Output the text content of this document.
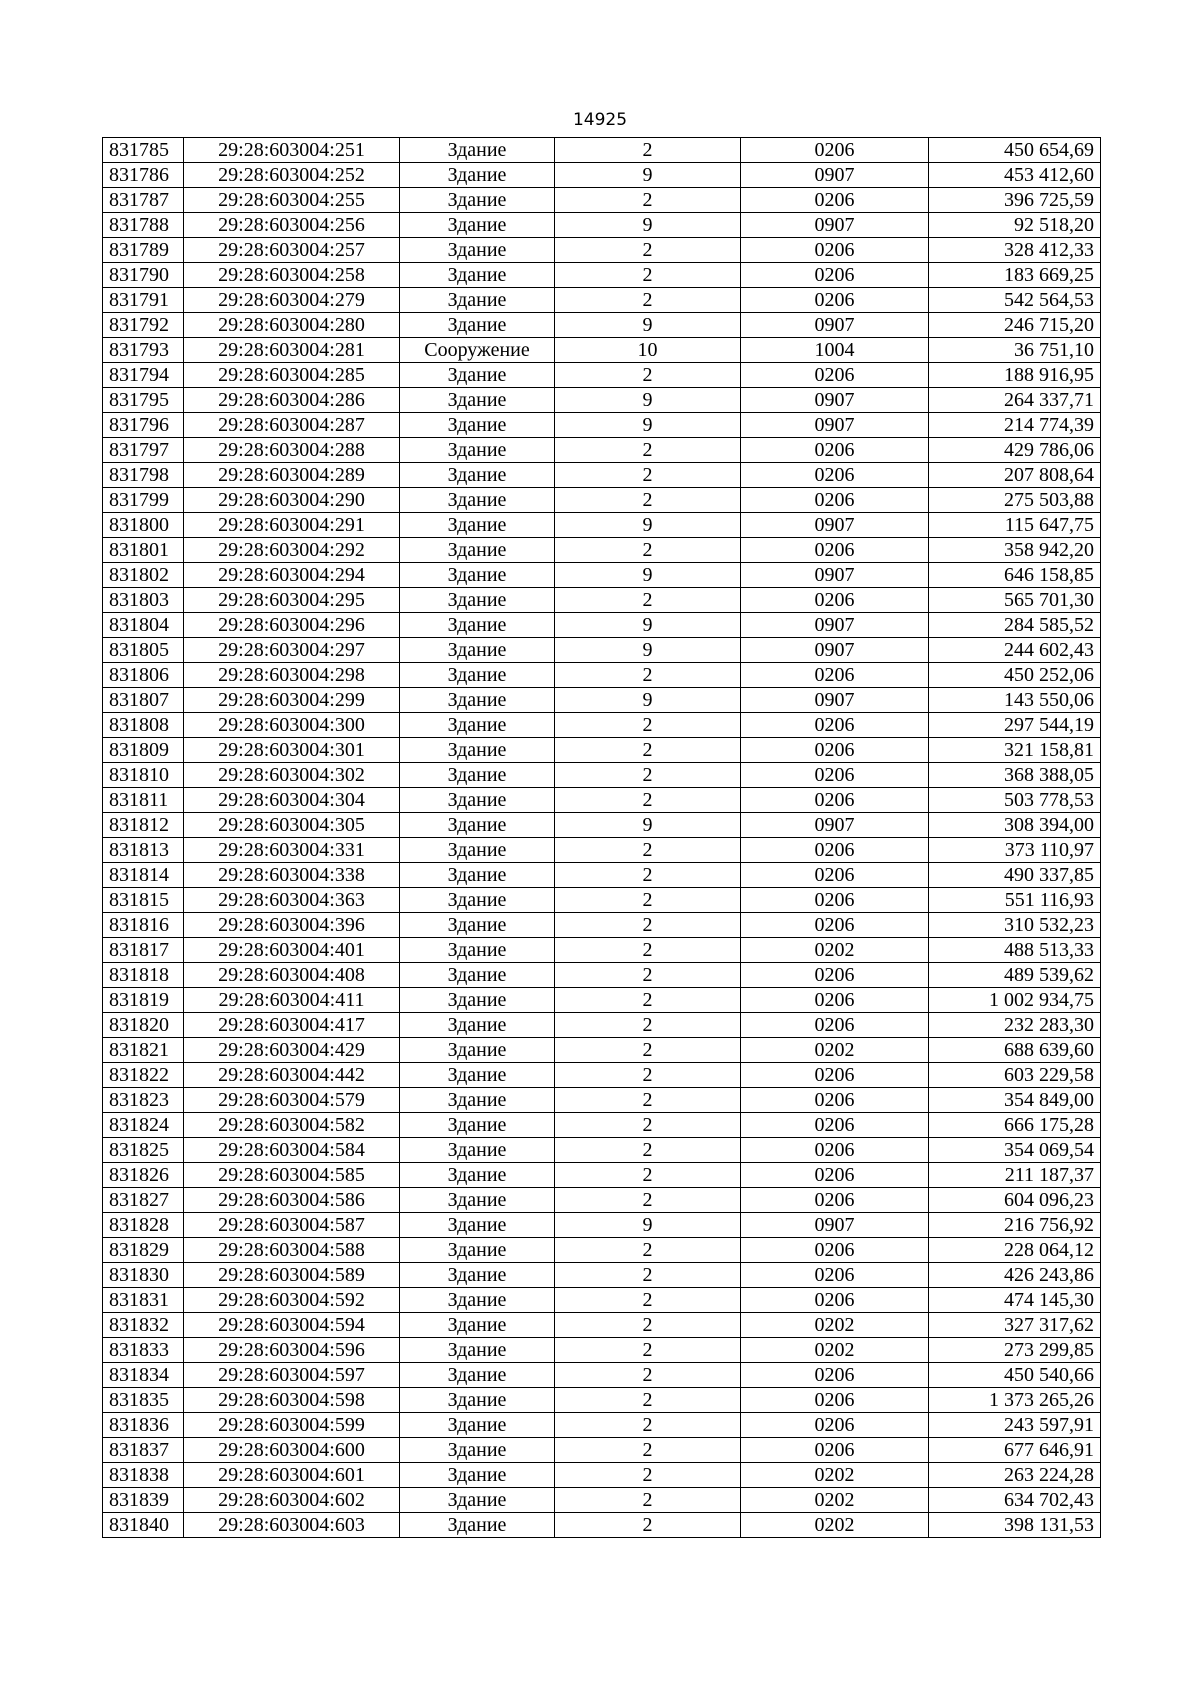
14925
831785	29:28:603004:251	Здание	2	0206	450 654,69
831786	29:28:603004:252	Здание	9	0907	453 412,60
831787	29:28:603004:255	Здание	2	0206	396 725,59
831788	29:28:603004:256	Здание	9	0907	92 518,20
831789	29:28:603004:257	Здание	2	0206	328 412,33
831790	29:28:603004:258	Здание	2	0206	183 669,25
831791	29:28:603004:279	Здание	2	0206	542 564,53
831792	29:28:603004:280	Здание	9	0907	246 715,20
831793	29:28:603004:281	Сооружение	10	1004	36 751,10
831794	29:28:603004:285	Здание	2	0206	188 916,95
831795	29:28:603004:286	Здание	9	0907	264 337,71
831796	29:28:603004:287	Здание	9	0907	214 774,39
831797	29:28:603004:288	Здание	2	0206	429 786,06
831798	29:28:603004:289	Здание	2	0206	207 808,64
831799	29:28:603004:290	Здание	2	0206	275 503,88
831800	29:28:603004:291	Здание	9	0907	115 647,75
831801	29:28:603004:292	Здание	2	0206	358 942,20
831802	29:28:603004:294	Здание	9	0907	646 158,85
831803	29:28:603004:295	Здание	2	0206	565 701,30
831804	29:28:603004:296	Здание	9	0907	284 585,52
831805	29:28:603004:297	Здание	9	0907	244 602,43
831806	29:28:603004:298	Здание	2	0206	450 252,06
831807	29:28:603004:299	Здание	9	0907	143 550,06
831808	29:28:603004:300	Здание	2	0206	297 544,19
831809	29:28:603004:301	Здание	2	0206	321 158,81
831810	29:28:603004:302	Здание	2	0206	368 388,05
831811	29:28:603004:304	Здание	2	0206	503 778,53
831812	29:28:603004:305	Здание	9	0907	308 394,00
831813	29:28:603004:331	Здание	2	0206	373 110,97
831814	29:28:603004:338	Здание	2	0206	490 337,85
831815	29:28:603004:363	Здание	2	0206	551 116,93
831816	29:28:603004:396	Здание	2	0206	310 532,23
831817	29:28:603004:401	Здание	2	0202	488 513,33
831818	29:28:603004:408	Здание	2	0206	489 539,62
831819	29:28:603004:411	Здание	2	0206	1 002 934,75
831820	29:28:603004:417	Здание	2	0206	232 283,30
831821	29:28:603004:429	Здание	2	0202	688 639,60
831822	29:28:603004:442	Здание	2	0206	603 229,58
831823	29:28:603004:579	Здание	2	0206	354 849,00
831824	29:28:603004:582	Здание	2	0206	666 175,28
831825	29:28:603004:584	Здание	2	0206	354 069,54
831826	29:28:603004:585	Здание	2	0206	211 187,37
831827	29:28:603004:586	Здание	2	0206	604 096,23
831828	29:28:603004:587	Здание	9	0907	216 756,92
831829	29:28:603004:588	Здание	2	0206	228 064,12
831830	29:28:603004:589	Здание	2	0206	426 243,86
831831	29:28:603004:592	Здание	2	0206	474 145,30
831832	29:28:603004:594	Здание	2	0202	327 317,62
831833	29:28:603004:596	Здание	2	0202	273 299,85
831834	29:28:603004:597	Здание	2	0206	450 540,66
831835	29:28:603004:598	Здание	2	0206	1 373 265,26
831836	29:28:603004:599	Здание	2	0206	243 597,91
831837	29:28:603004:600	Здание	2	0206	677 646,91
831838	29:28:603004:601	Здание	2	0202	263 224,28
831839	29:28:603004:602	Здание	2	0202	634 702,43
831840	29:28:603004:603	Здание	2	0202	398 131,53
